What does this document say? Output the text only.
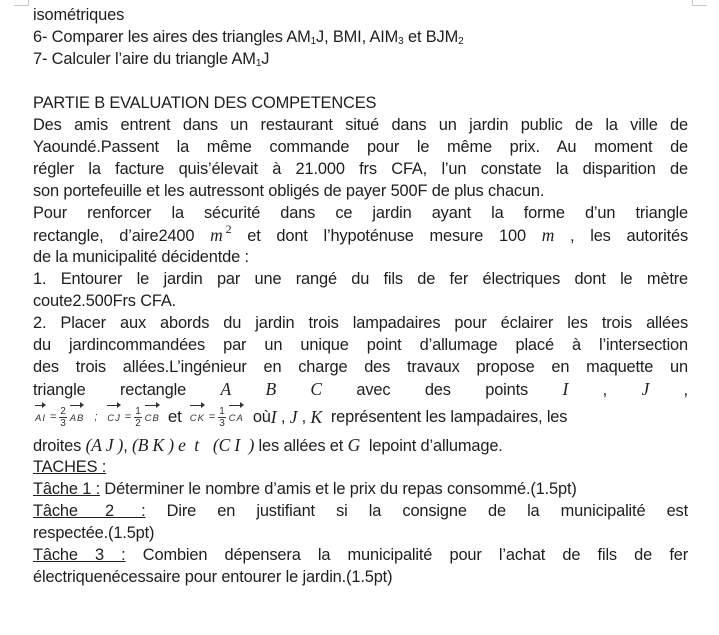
isométriques
6- Comparer les aires des triangles $AM_1J$, BMI, $AIM_3$ et $BJM_2$
7- Calculer l’aire du triangle $AM_1J$
PARTIE B EVALUATION DES COMPETENCES
Des amis entrent dans un restaurant situé dans un jardin public de la ville de
Yaoundé.Passent la même commande pour le même prix. Au moment de
régler la facture quis’élevait à 21.000 frs CFA, l’un constate la disparition de
son portefeuille et les autressont obligés de payer 500F de plus chacun.
Pour renforcer la sécurité dans ce jardin ayant la forme d’un triangle
rectangle, d’aire2400 m $^2$ et dont l’hypoténuse mesure 100 m , les autorités
de la municipalité décidentde :
1. Entourer le jardin par une rangé du fils de fer électriques dont le mètre
coute2.500Frs CFA.
2. Placer aux abords du jardin trois lampadaires pour éclairer les trois allées
du jardincommandées par un unique point d’allumage placé à l’intersection
des trois allées.L’ingénieur en charge des travaux propose en maquette un
triangle rectangle A B C avec des points I , J ,
AI = $\frac{2}{3}$ AB ; CJ = $\frac{1}{2}$ CB et CK = $\frac{1}{3}$ CA où I , J , K représentent les lampadaires, les
droites (A J ), (B K ) e  t (C I  ) les allées et G  lepoint d’allumage.
TACHES :
Tâche 1 : Déterminer le nombre d’amis et le prix du repas consommé.(1.5pt)
Tâche 2 : Dire en justifiant si la consigne de la municipalité est
respectée.(1.5pt)
Tâche 3 : Combien dépensera la municipalité pour l’achat de fils de fer
électriquenécessaire pour entourer le jardin.(1.5pt)
